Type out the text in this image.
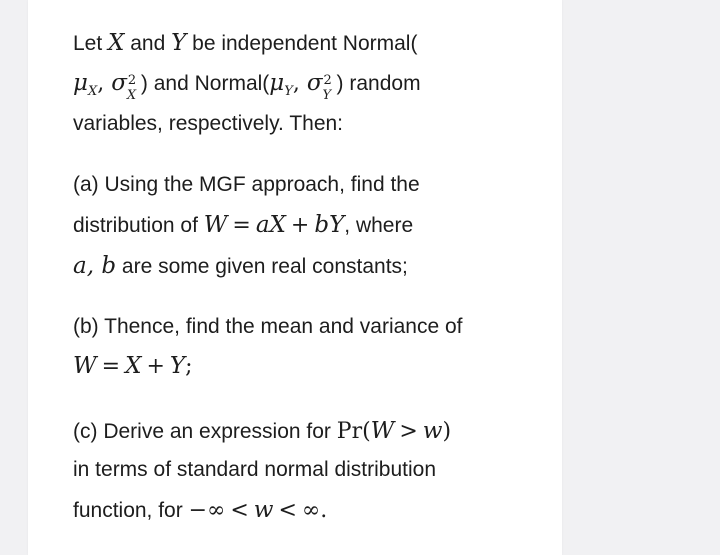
Let X and Y be independent Normal(
$\mu_X$, σ 2
X
) and $Normal(\mu_Y$, σ 2
Y
) random
variables, respectively. Then:
(a) Using the MGF approach, find the
distribution of W = aX + bY, where
a, b are some given real constants;
(b) Thence, find the mean and variance of
W = X + Y;
(c) Derive an expression for Pr(W > w)
in terms of standard normal distribution
function, for −∞ < w < ∞.
